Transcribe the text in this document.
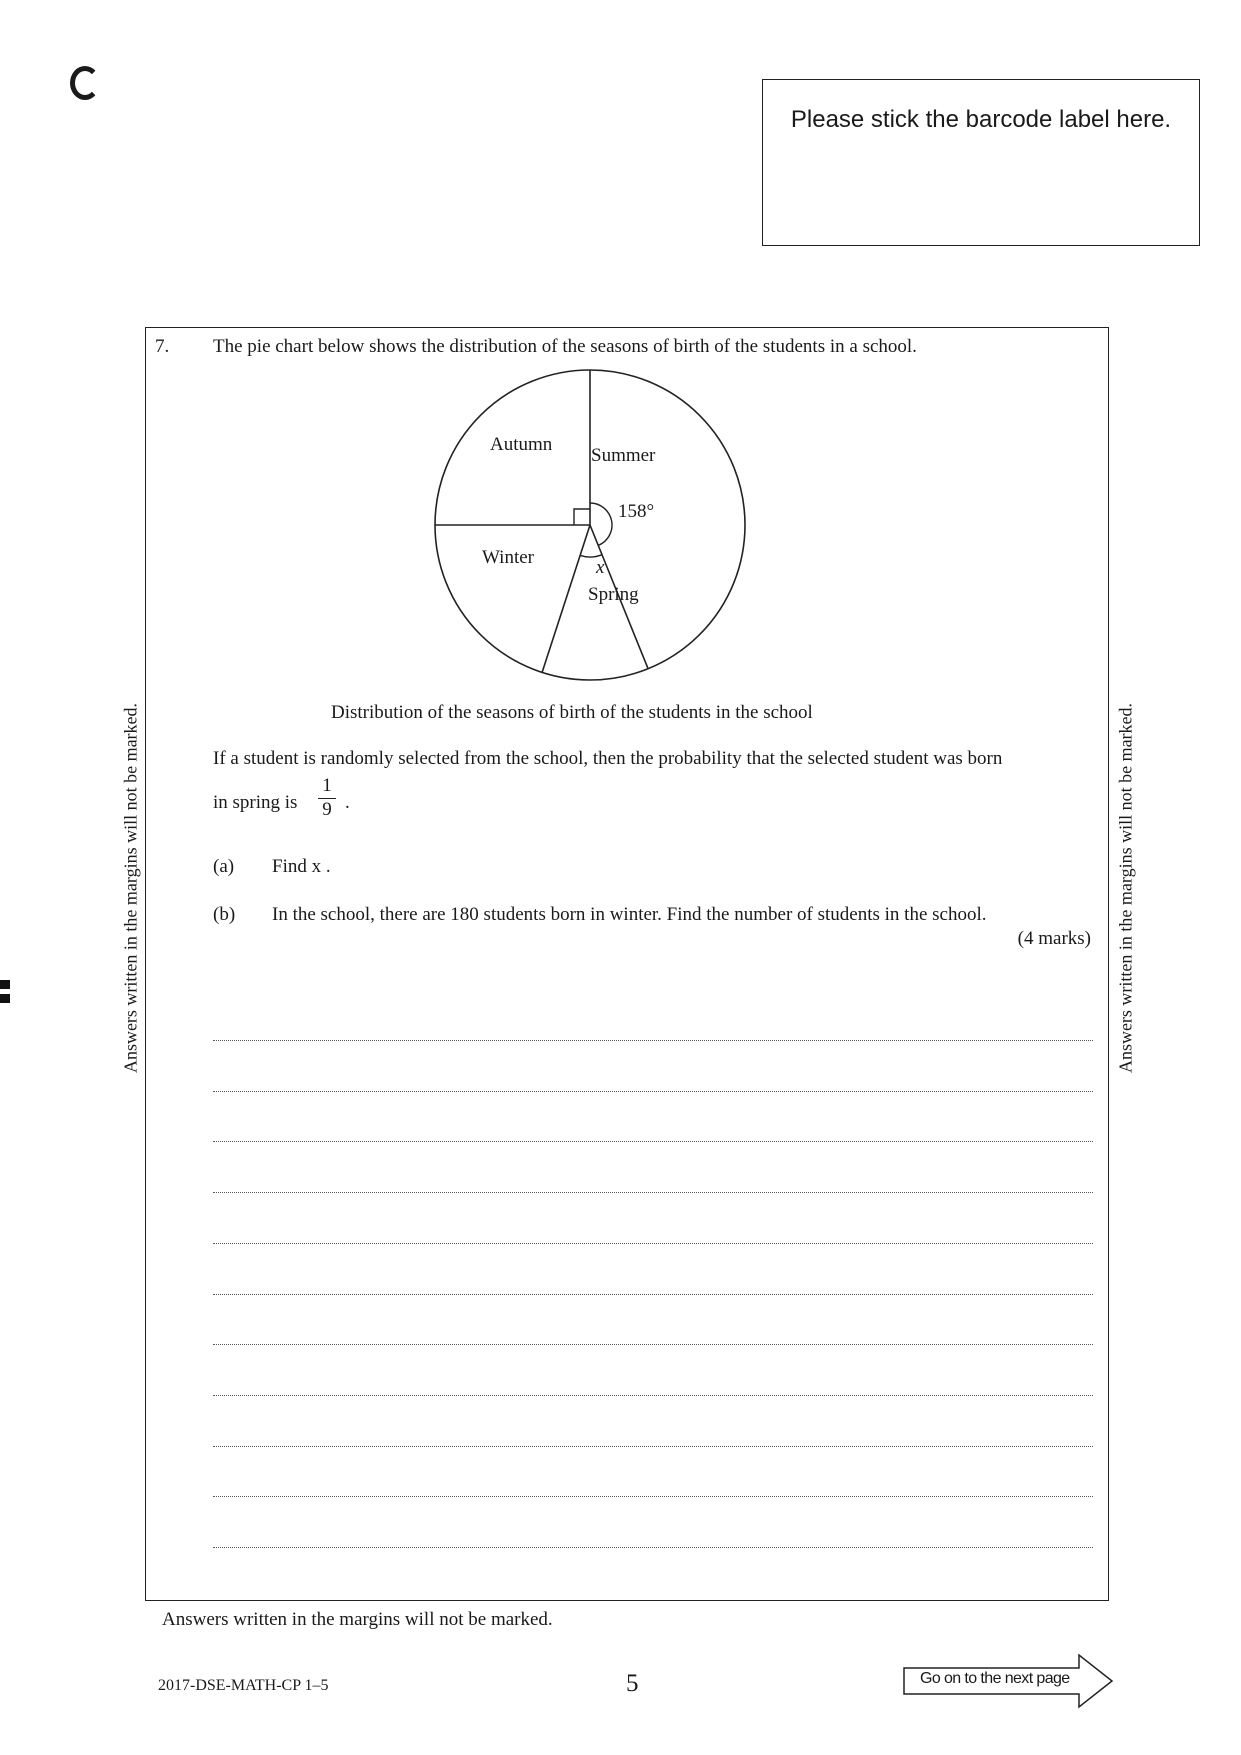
Please stick the barcode label here.
Answers written in the margins will not be marked.	Answers written in the margins will not be marked.
7. The pie chart below shows the distribution of the seasons of birth of the students in a school.
Summer
Spring
Winter
Autumn
158°
x
Distribution of the seasons of birth of the students in the school
If a student is randomly selected from the school, then the probability that the selected student was born
in spring is
1
9 .
(a) Find x .
(b) In the school, there are 180 students born in winter. Find the number of students in the school.
(4 marks)
Answers written in the margins will not be marked.
2017-DSE-MATH-CP 1–5	5	Go on to the next page
